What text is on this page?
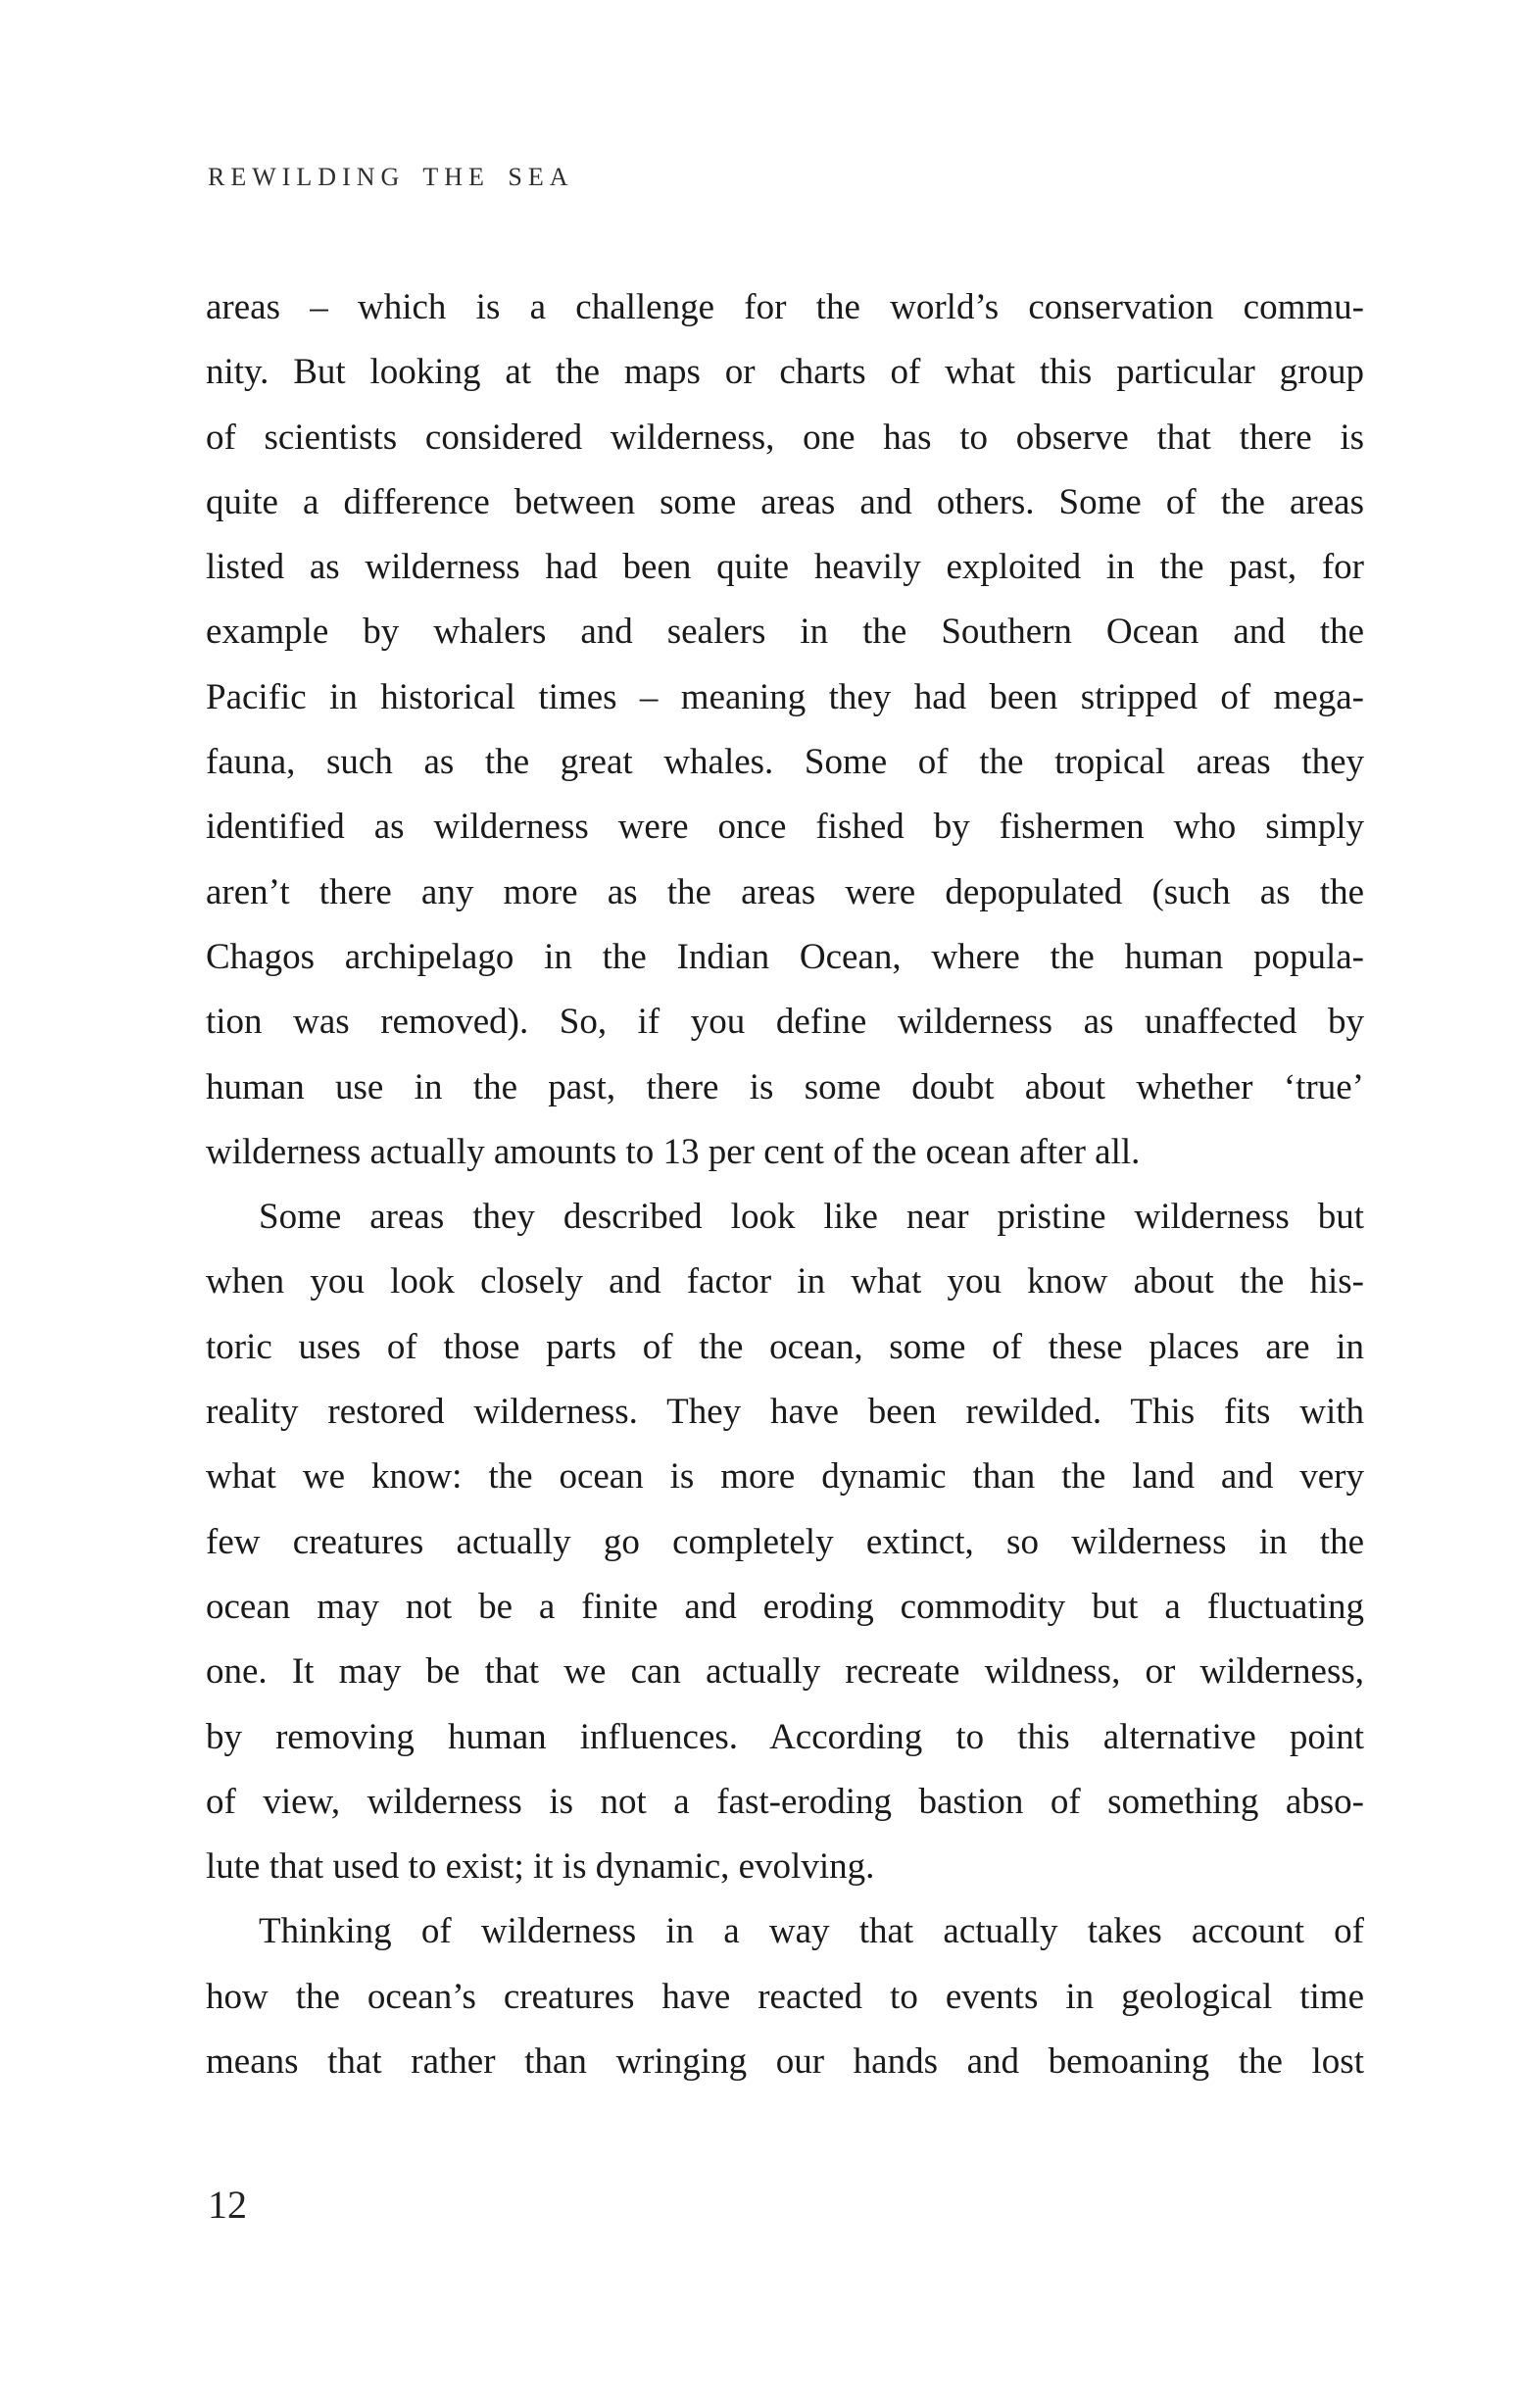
REWILDING THE SEA
areas – which is a challenge for the world’s conservation commu-
nity. But looking at the maps or charts of what this particular group
of scientists considered wilderness, one has to observe that there is
quite a difference between some areas and others. Some of the areas
listed as wilderness had been quite heavily exploited in the past, for
example by whalers and sealers in the Southern Ocean and the
Pacific in historical times – meaning they had been stripped of mega-
fauna, such as the great whales. Some of the tropical areas they
identified as wilderness were once fished by fishermen who simply
aren’t there any more as the areas were depopulated (such as the
Chagos archipelago in the Indian Ocean, where the human popula-
tion was removed). So, if you define wilderness as unaffected by
human use in the past, there is some doubt about whether ‘true’
wilderness actually amounts to 13 per cent of the ocean after all.
Some areas they described look like near pristine wilderness but
when you look closely and factor in what you know about the his-
toric uses of those parts of the ocean, some of these places are in
reality restored wilderness. They have been rewilded. This fits with
what we know: the ocean is more dynamic than the land and very
few creatures actually go completely extinct, so wilderness in the
ocean may not be a finite and eroding commodity but a fluctuating
one. It may be that we can actually recreate wildness, or wilderness,
by removing human influences. According to this alternative point
of view, wilderness is not a fast-eroding bastion of something abso-
lute that used to exist; it is dynamic, evolving.
Thinking of wilderness in a way that actually takes account of
how the ocean’s creatures have reacted to events in geological time
means that rather than wringing our hands and bemoaning the lost
12
